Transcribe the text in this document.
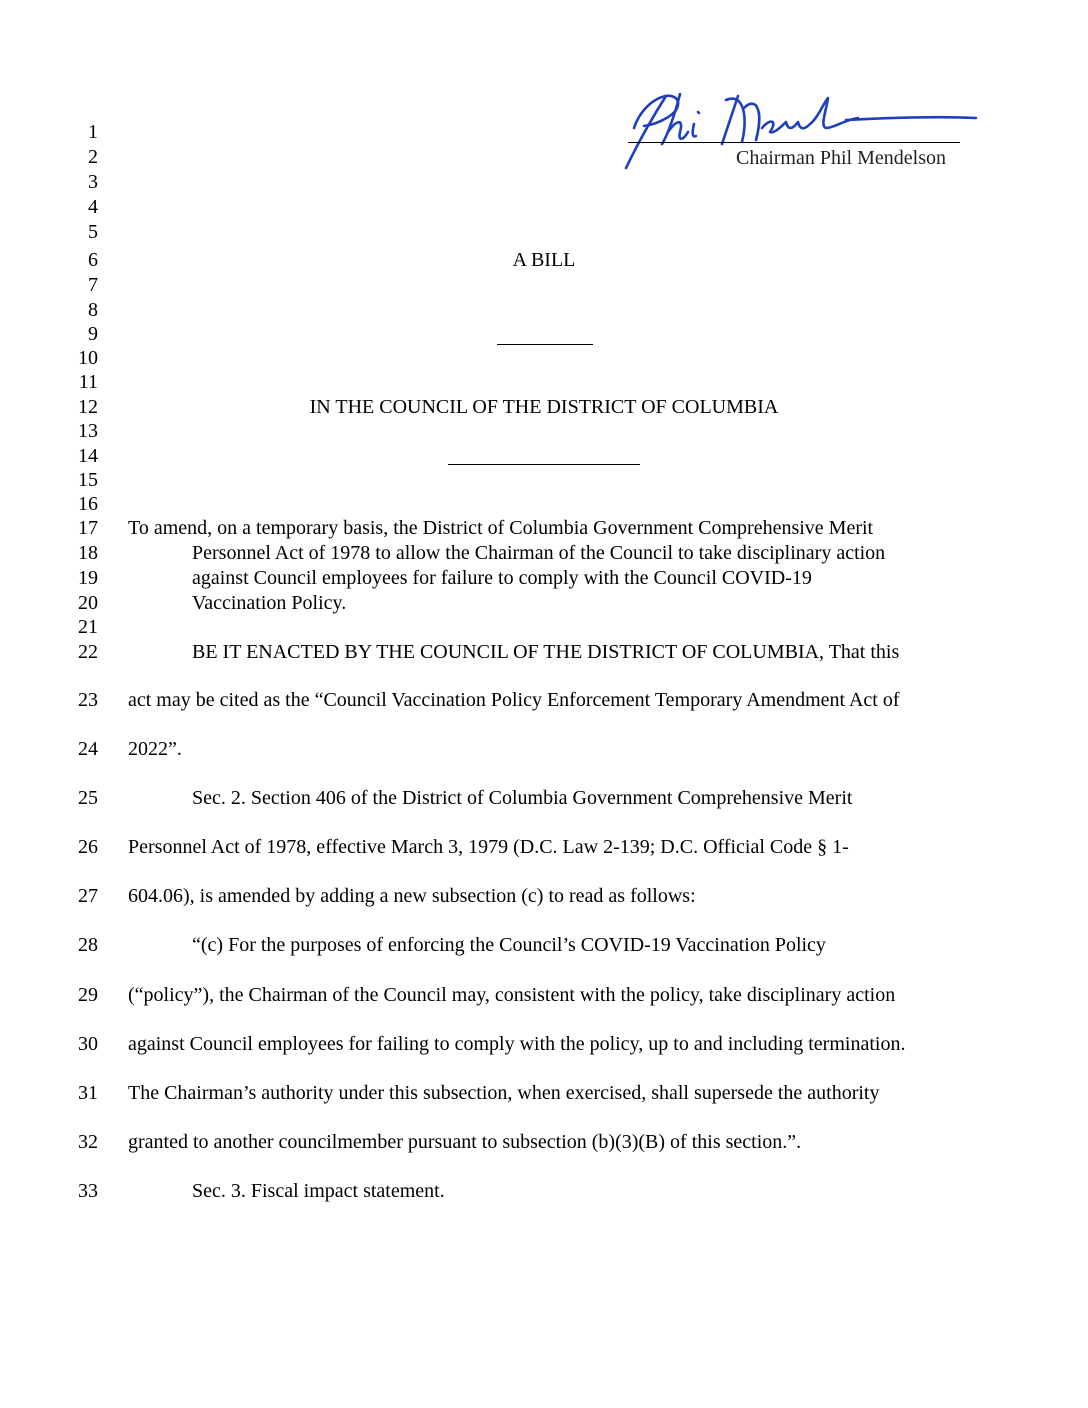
Chairman Phil Mendelson
1
2
3
4
5
6
7
8
9
10
11
12
13
14
15
16
17
18
19
20
21
22
23
24
25
26
27
28
29
30
31
32
33
A BILL
IN THE COUNCIL OF THE DISTRICT OF COLUMBIA
To amend, on a temporary basis, the District of Columbia Government Comprehensive Merit
Personnel Act of 1978 to allow the Chairman of the Council to take disciplinary action
against Council employees for failure to comply with the Council COVID-19
Vaccination Policy.
BE IT ENACTED BY THE COUNCIL OF THE DISTRICT OF COLUMBIA, That this
act may be cited as the “Council Vaccination Policy Enforcement Temporary Amendment Act of
2022”.
Sec. 2. Section 406 of the District of Columbia Government Comprehensive Merit
Personnel Act of 1978, effective March 3, 1979 (D.C. Law 2-139; D.C. Official Code § 1-
604.06), is amended by adding a new subsection (c) to read as follows:
“(c) For the purposes of enforcing the Council’s COVID-19 Vaccination Policy
(“policy”), the Chairman of the Council may, consistent with the policy, take disciplinary action
against Council employees for failing to comply with the policy, up to and including termination.
The Chairman’s authority under this subsection, when exercised, shall supersede the authority
granted to another councilmember pursuant to subsection (b)(3)(B) of this section.”.
Sec. 3. Fiscal impact statement.
